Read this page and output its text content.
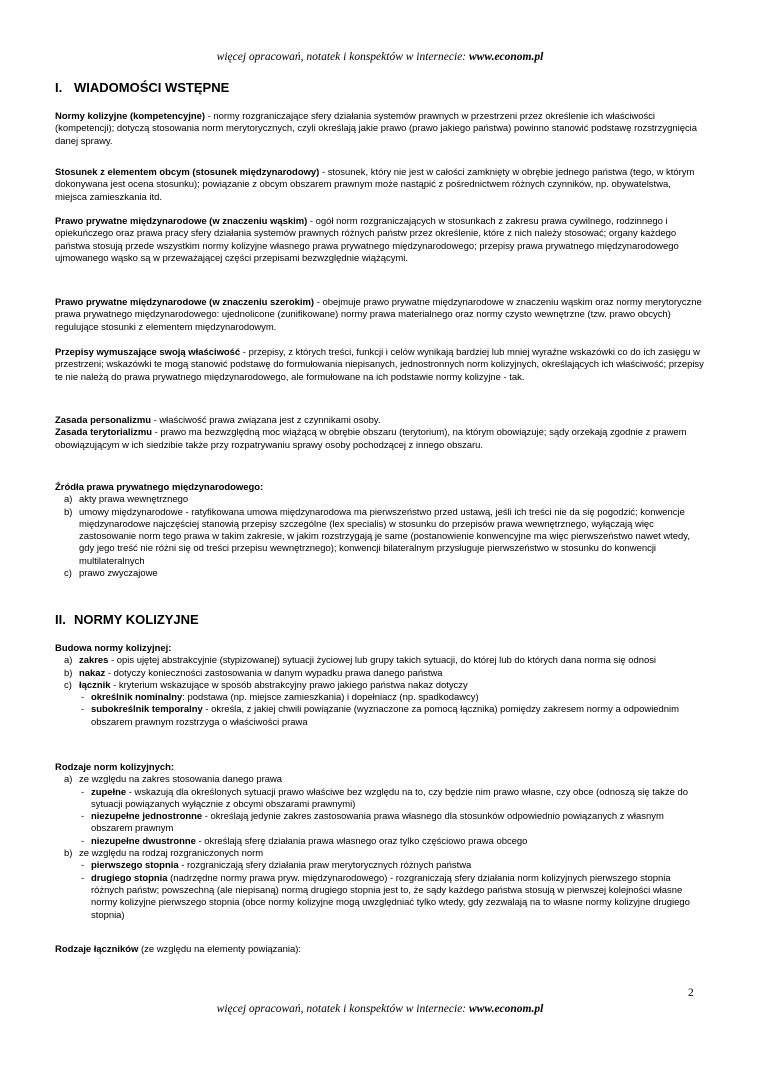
więcej opracowań, notatek i konspektów w internecie: www.econom.pl
I. WIADOMOŚCI WSTĘPNE
Normy kolizyjne (kompetencyjne) - normy rozgraniczające sfery działania systemów prawnych w przestrzeni przez określenie ich właściwości (kompetencji); dotyczą stosowania norm merytorycznych, czyli określają jakie prawo (prawo jakiego państwa) powinno stanowić podstawę rozstrzygnięcia danej sprawy.
Stosunek z elementem obcym (stosunek międzynarodowy) - stosunek, który nie jest w całości zamknięty w obrębie jednego państwa (tego, w którym dokonywana jest ocena stosunku); powiązanie z obcym obszarem prawnym może nastąpić z pośrednictwem różnych czynników, np. obywatelstwa, miejsca zamieszkania itd.
Prawo prywatne międzynarodowe (w znaczeniu wąskim) - ogół norm rozgraniczających w stosunkach z zakresu prawa cywilnego, rodzinnego i opiekuńczego oraz prawa pracy sfery działania systemów prawnych różnych państw przez określenie, które z nich należy stosować; organy każdego państwa stosują przede wszystkim normy kolizyjne własnego prawa prywatnego międzynarodowego; przepisy prawa prywatnego międzynarodowego ujmowanego wąsko są w przeważającej części przepisami bezwzględnie wiążącymi.
Prawo prywatne międzynarodowe (w znaczeniu szerokim) - obejmuje prawo prywatne międzynarodowe w znaczeniu wąskim oraz normy merytoryczne prawa prywatnego międzynarodowego: ujednolicone (zunifikowane) normy prawa materialnego oraz normy czysto wewnętrzne (tzw. prawo obcych) regulujące stosunki z elementem międzynarodowym.
Przepisy wymuszające swoją właściwość - przepisy, z których treści, funkcji i celów wynikają bardziej lub mniej wyraźne wskazówki co do ich zasięgu w przestrzeni; wskazówki te mogą stanowić podstawę do formułowania niepisanych, jednostronnych norm kolizyjnych, określających ich właściwość; przepisy te nie należą do prawa prywatnego międzynarodowego, ale formułowane na ich podstawie normy kolizyjne - tak.
Zasada personalizmu - właściwość prawa związana jest z czynnikami osoby.
Zasada terytorializmu - prawo ma bezwzględną moc wiążącą w obrębie obszaru (terytorium), na którym obowiązuje; sądy orzekają zgodnie z prawem obowiązującym w ich siedzibie także przy rozpatrywaniu sprawy osoby pochodzącej z innego obszaru.
Źródła prawa prywatnego międzynarodowego:
a) akty prawa wewnętrznego
b) umowy międzynarodowe - ratyfikowana umowa międzynarodowa ma pierwszeństwo przed ustawą, jeśli ich treści nie da się pogodzić; konwencje międzynarodowe najczęściej stanowią przepisy szczególne (lex specialis) w stosunku do przepisów prawa wewnętrznego, wyłączają więc zastosowanie norm tego prawa w takim zakresie, w jakim rozstrzygają je same (postanowienie konwencyjne ma więc pierwszeństwo nawet wtedy, gdy jego treść nie różni się od treści przepisu wewnętrznego); konwencji bilateralnym przysługuje pierwszeństwo w stosunku do konwencji multilateralnych
c) prawo zwyczajowe
II. NORMY KOLIZYJNE
Budowa normy kolizyjnej:
a) zakres - opis ujętej abstrakcyjnie (stypizowanej) sytuacji życiowej lub grupy takich sytuacji, do której lub do których dana norma się odnosi
b) nakaz - dotyczy konieczności zastosowania w danym wypadku prawa danego państwa
c) łącznik - kryterium wskazujące w sposób abstrakcyjny prawo jakiego państwa nakaz dotyczy
- określnik nominalny: podstawa (np. miejsce zamieszkania) i dopełniacz (np. spadkodawcy)
- subokreślnik temporalny - określa, z jakiej chwili powiązanie (wyznaczone za pomocą łącznika) pomiędzy zakresem normy a odpowiednim obszarem prawnym rozstrzyga o właściwości prawa
Rodzaje norm kolizyjnych:
a) ze względu na zakres stosowania danego prawa
- zupełne - wskazują dla określonych sytuacji prawo właściwe bez względu na to, czy będzie nim prawo własne, czy obce (odnoszą się także do sytuacji powiązanych wyłącznie z obcymi obszarami prawnymi)
- niezupełne jednostronne - określają jedynie zakres zastosowania prawa własnego dla stosunków odpowiednio powiązanych z własnym obszarem prawnym
- niezupełne dwustronne - określają sferę działania prawa własnego oraz tylko częściowo prawa obcego
b) ze względu na rodzaj rozgraniczonych norm
- pierwszego stopnia - rozgraniczają sfery działania praw merytorycznych różnych państwa
- drugiego stopnia (nadrzędne normy prawa pryw. międzynarodowego) - rozgraniczają sfery działania norm kolizyjnych pierwszego stopnia różnych państw; powszechną (ale niepisaną) normą drugiego stopnia jest to, że sądy każdego państwa stosują w pierwszej kolejności własne normy kolizyjne pierwszego stopnia (obce normy kolizyjne mogą uwzględniać tylko wtedy, gdy zezwalają na to własne normy kolizyjne drugiego stopnia)
Rodzaje łączników (ze względu na elementy powiązania):
2
więcej opracowań, notatek i konspektów w internecie: www.econom.pl
